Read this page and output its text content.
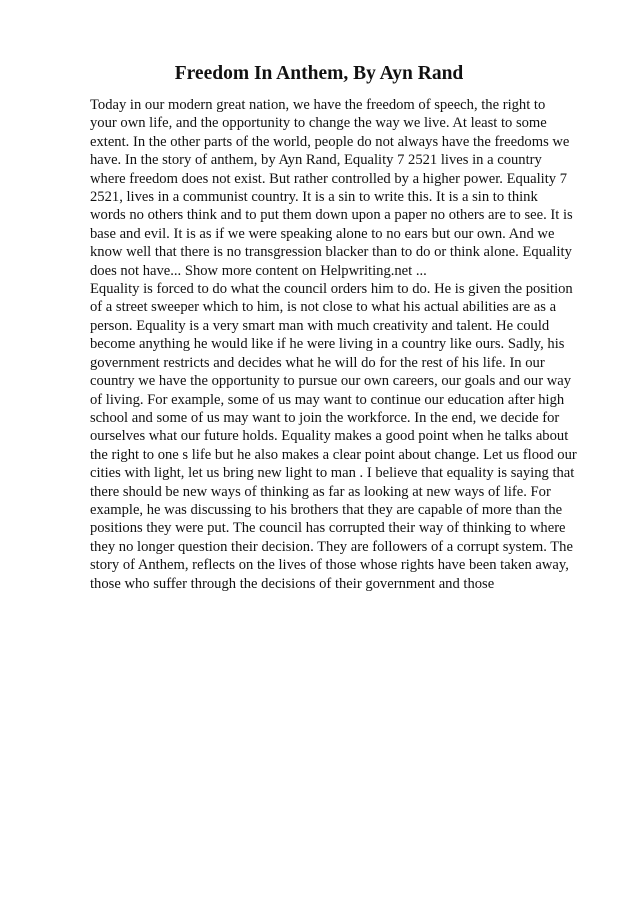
Freedom In Anthem, By Ayn Rand
Today in our modern great nation, we have the freedom of speech, the right to
your own life, and the opportunity to change the way we live. At least to some
extent. In the other parts of the world, people do not always have the freedoms we
have. In the story of anthem, by Ayn Rand, Equality 7 2521 lives in a country
where freedom does not exist. But rather controlled by a higher power. Equality 7
2521, lives in a communist country. It is a sin to write this. It is a sin to think
words no others think and to put them down upon a paper no others are to see. It is
base and evil. It is as if we were speaking alone to no ears but our own. And we
know well that there is no transgression blacker than to do or think alone. Equality
does not have... Show more content on Helpwriting.net ...
Equality is forced to do what the council orders him to do. He is given the position
of a street sweeper which to him, is not close to what his actual abilities are as a
person. Equality is a very smart man with much creativity and talent. He could
become anything he would like if he were living in a country like ours. Sadly, his
government restricts and decides what he will do for the rest of his life. In our
country we have the opportunity to pursue our own careers, our goals and our way
of living. For example, some of us may want to continue our education after high
school and some of us may want to join the workforce. In the end, we decide for
ourselves what our future holds. Equality makes a good point when he talks about
the right to one s life but he also makes a clear point about change. Let us flood our
cities with light, let us bring new light to man . I believe that equality is saying that
there should be new ways of thinking as far as looking at new ways of life. For
example, he was discussing to his brothers that they are capable of more than the
positions they were put. The council has corrupted their way of thinking to where
they no longer question their decision. They are followers of a corrupt system. The
story of Anthem, reflects on the lives of those whose rights have been taken away,
those who suffer through the decisions of their government and those
